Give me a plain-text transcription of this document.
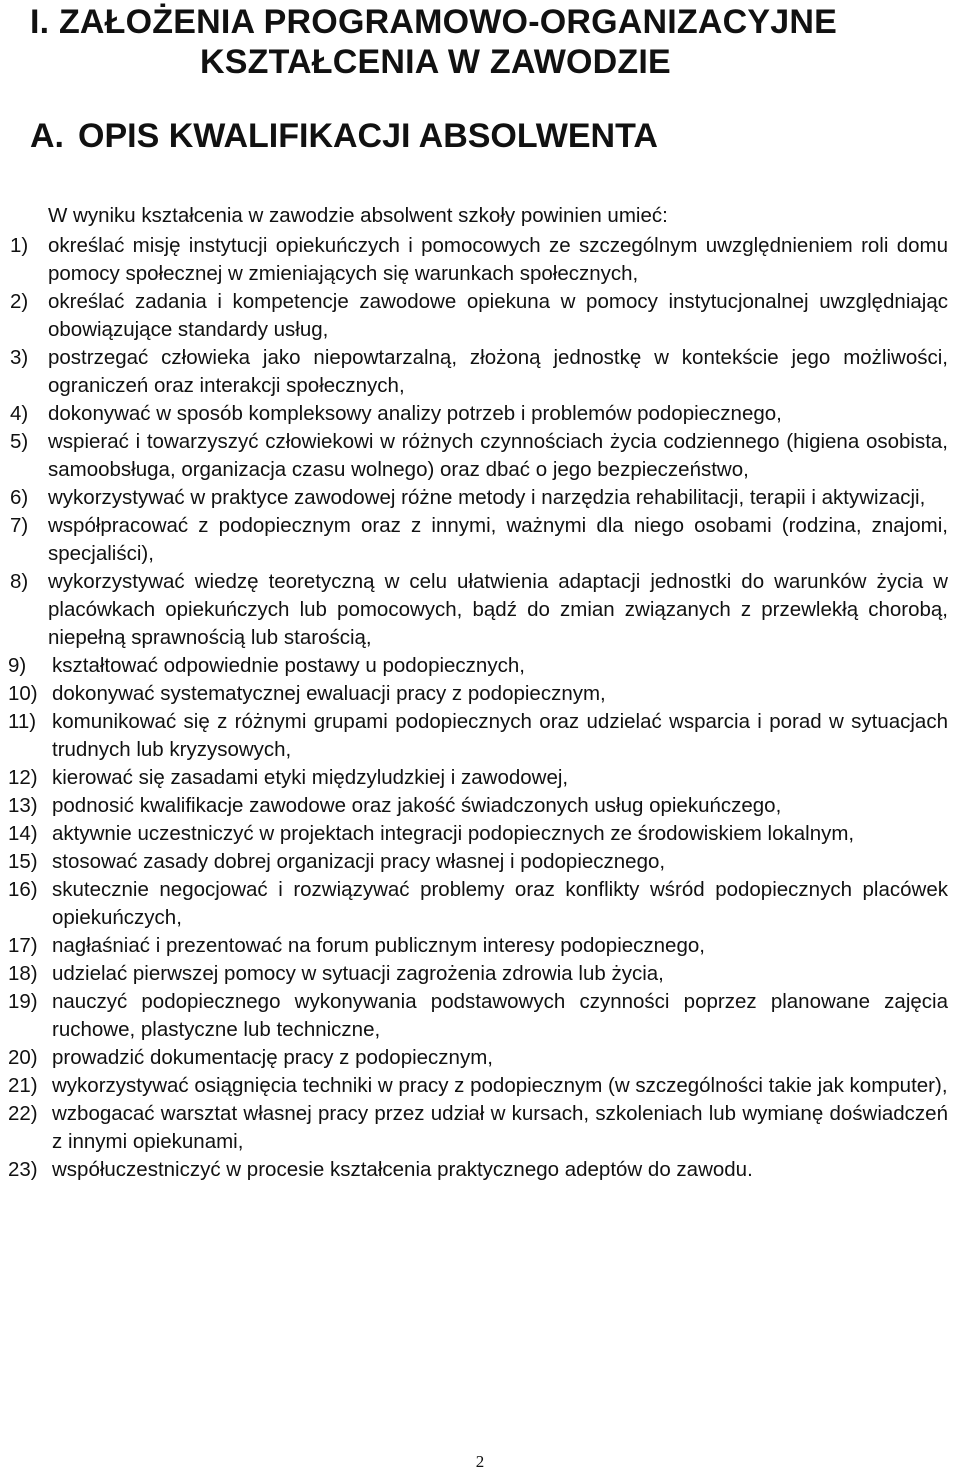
I. ZAŁOŻENIA PROGRAMOWO-ORGANIZACYJNE
KSZTAŁCENIA W ZAWODZIE
A. OPIS KWALIFIKACJI ABSOLWENTA
W wyniku kształcenia w zawodzie absolwent szkoły powinien umieć:
1) określać misję instytucji opiekuńczych i pomocowych ze szczególnym uwzględnieniem roli domu pomocy społecznej w zmieniających się warunkach społecznych,
2) określać zadania i kompetencje zawodowe opiekuna w pomocy instytucjonalnej uwzględniając obowiązujące standardy usług,
3) postrzegać człowieka jako niepowtarzalną, złożoną jednostkę w kontekście jego możliwości, ograniczeń oraz interakcji społecznych,
4) dokonywać w sposób kompleksowy analizy potrzeb i problemów podopiecznego,
5) wspierać i towarzyszyć człowiekowi w różnych czynnościach życia codziennego (higiena osobista, samoobsługa, organizacja czasu wolnego) oraz dbać o jego bezpieczeństwo,
6) wykorzystywać w praktyce zawodowej różne metody i narzędzia rehabilitacji, terapii i aktywizacji,
7) współpracować z podopiecznym oraz z innymi, ważnymi dla niego osobami (rodzina, znajomi, specjaliści),
8) wykorzystywać wiedzę teoretyczną w celu ułatwienia adaptacji jednostki do warunków życia w placówkach opiekuńczych lub pomocowych, bądź do zmian związanych z przewlekłą chorobą, niepełną sprawnością lub starością,
9)	kształtować odpowiednie postawy u podopiecznych,
10) dokonywać systematycznej ewaluacji pracy z podopiecznym,
11) komunikować się z różnymi grupami podopiecznych oraz udzielać wsparcia i porad w sytuacjach trudnych lub kryzysowych,
12) kierować się zasadami etyki międzyludzkiej i zawodowej,
13) podnosić kwalifikacje zawodowe oraz jakość świadczonych usług opiekuńczego,
14) aktywnie uczestniczyć w projektach integracji podopiecznych ze środowiskiem lokalnym,
15) stosować zasady dobrej organizacji pracy własnej i podopiecznego,
16) skutecznie negocjować i rozwiązywać problemy oraz konflikty wśród podopiecznych placówek opiekuńczych,
17) nagłaśniać i prezentować na forum publicznym interesy podopiecznego,
18) udzielać pierwszej pomocy w sytuacji zagrożenia zdrowia lub życia,
19) nauczyć podopiecznego wykonywania podstawowych czynności poprzez planowane zajęcia ruchowe, plastyczne lub techniczne,
20) prowadzić dokumentację pracy z podopiecznym,
21) wykorzystywać osiągnięcia techniki w pracy z podopiecznym (w szczególności takie jak komputer),
22) wzbogacać warsztat własnej pracy przez udział w kursach, szkoleniach lub wymianę doświadczeń z innymi opiekunami,
23) współuczestniczyć w procesie kształcenia praktycznego adeptów do zawodu.
2
